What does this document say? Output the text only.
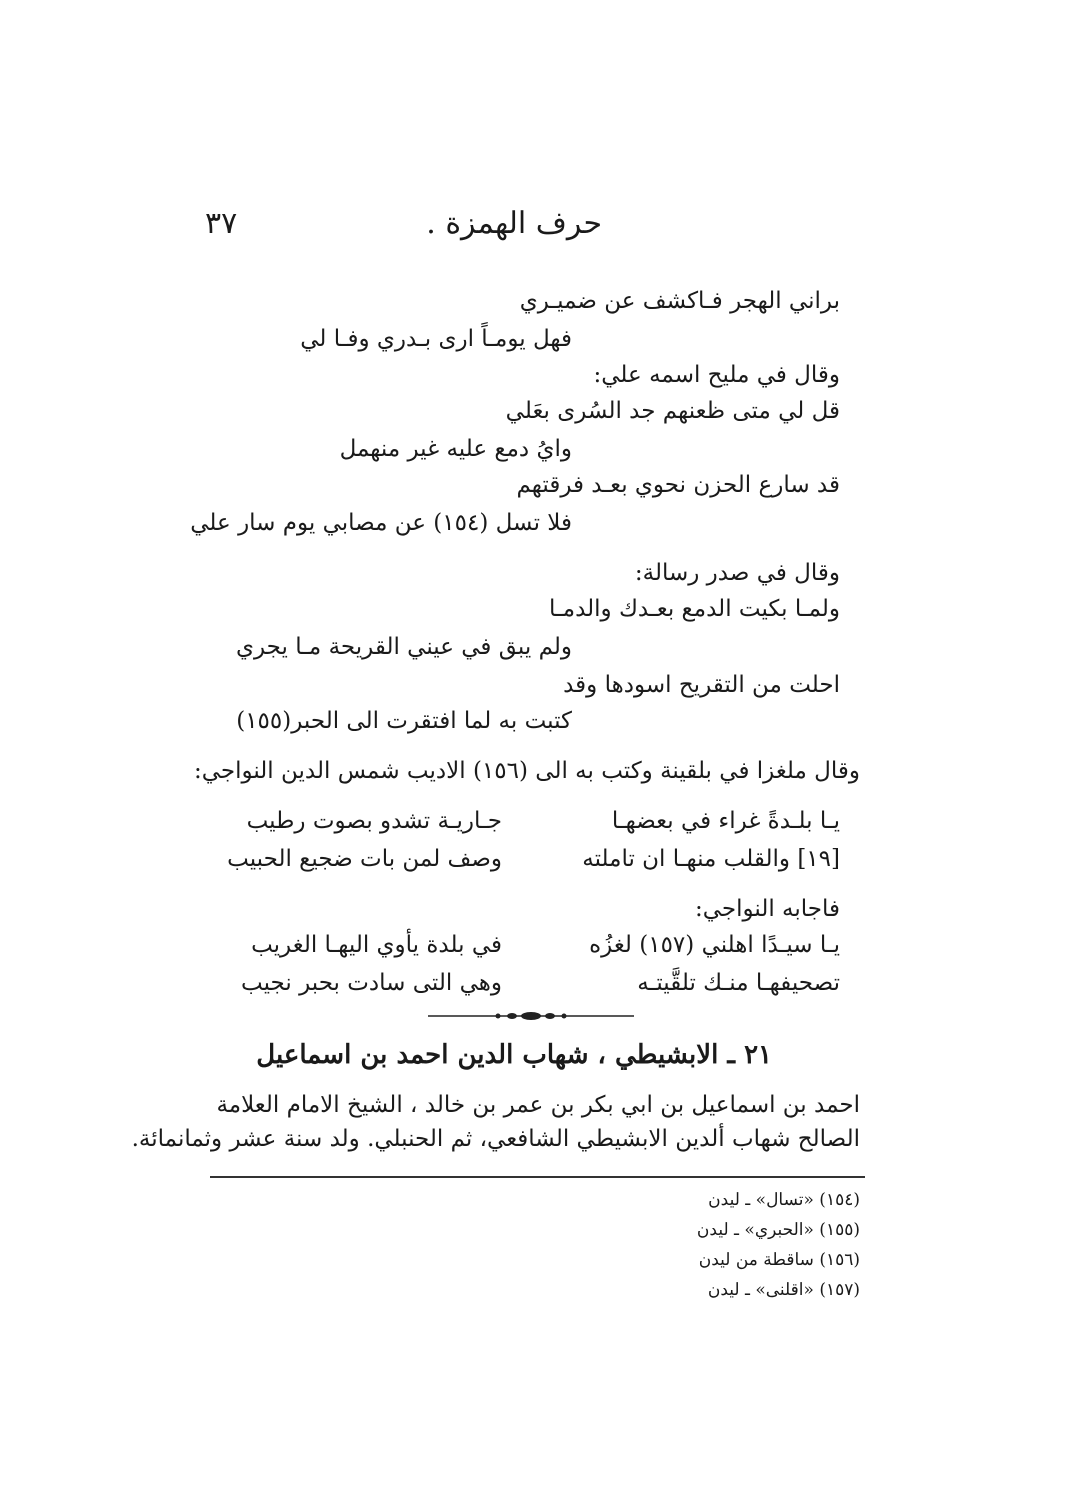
حرف الهمزة .
٣٧
براني الهجر فـاكشف عن ضميـري
فهل يومـاً ارى بـدري وفـا لي
وقال في مليح اسمه علي:
قل لي متى ظعنهم جد السُرى بعَلي
وايُ دمع عليه غير منهمل
قد سارع الحزن نحوي بعـد فرقتهم
فلا تسل (١٥٤) عن مصابي يوم سار علي
وقال في صدر رسالة:
ولمـا بكيت الدمع بعـدك والدمـا
ولم يبق في عيني القريحة مـا يجري
احلت من التقريح اسودها وقد
كتبت به لما افتقرت الى الحبر(١٥٥)
وقال ملغزا في بلقينة وكتب به الى (١٥٦) الاديب شمس الدين النواجي:
يـا بلـدةً غراء في بعضهـا
جـاريـة تشدو بصوت رطيب
وصف لمن بات ضجيع الحبيب	[١٩] والقلب منهـا ان تاملته
فاجابه النواجي:
يـا سيـدًا اهلني (١٥٧) لغزُه
في بلدة يأوي اليهـا الغريب
تصحيفهـا منـك تلقَّيتـه
وهي التى سادت بحبر نجيب
٢١ ـ الابشيطي ، شهاب الدين احمد بن اسماعيل
احمد بن اسماعيل بن ابي بكر بن عمر بن خالد ، الشيخ الامام العلامة
الصالح شهاب ألدين الابشيطي الشافعي، ثم الحنبلي. ولد سنة عشر وثمانمائة.
(١٥٤) «تسال» ـ ليدن
(١٥٥) «الحبري» ـ ليدن
(١٥٦) ساقطة من ليدن
(١٥٧) «اقلنى» ـ ليدن
